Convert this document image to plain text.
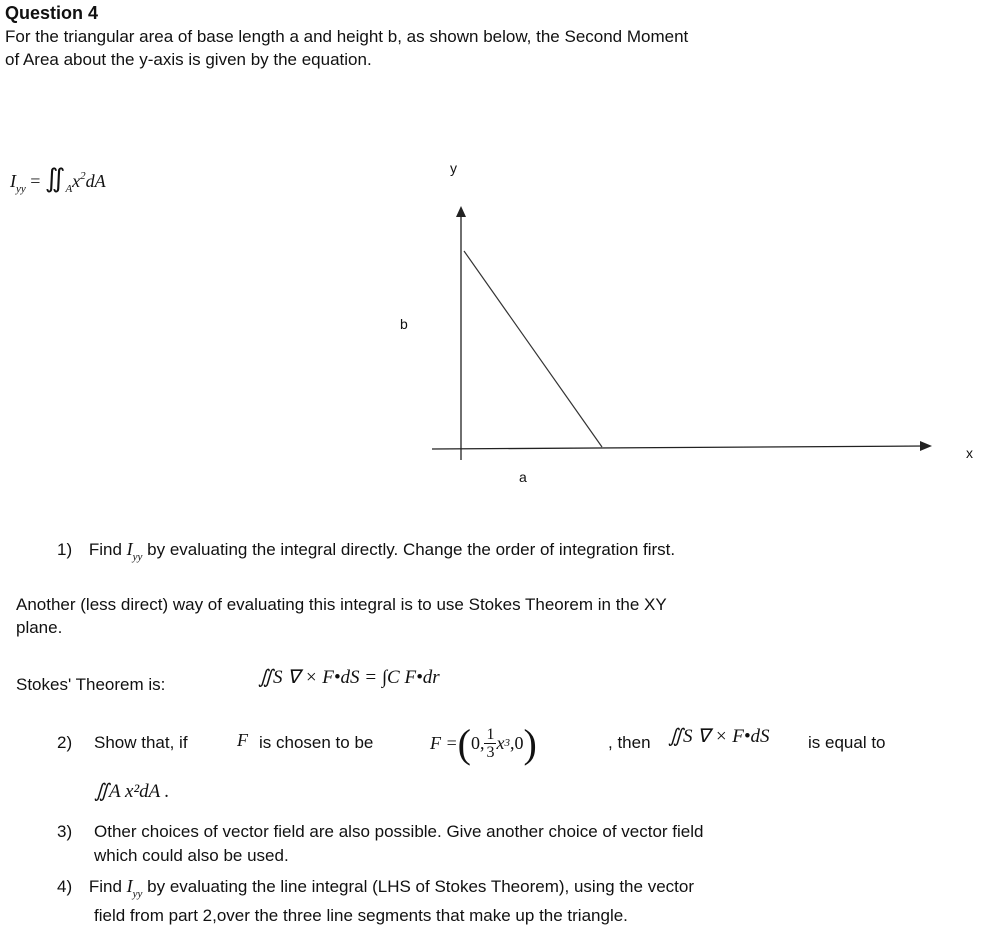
Question 4
For the triangular area of base length a and height b, as shown below, the Second Moment
of Area about the y-axis is given by the equation.
$I_{yy}$ = $∬_Ax^2dA$
y
x
b
a
1) Find $I_{yy}$ by evaluating the integral directly. Change the order of integration first.
Another (less direct) way of evaluating this integral is to use Stokes Theorem in the XY
plane.
Stokes' Theorem is:	∬S ∇ × F•dS = ∫C F•dr
2) Show that, if	F is chosen to be	F = ( 0, $\frac{1}{3}$ x 3 ,0 )	, then ∬S ∇ × F•dS is equal to
∬A x²dA .
3) Other choices of vector field are also possible. Give another choice of vector field
which could also be used.
4) Find $I_{yy}$ by evaluating the line integral (LHS of Stokes Theorem), using the vector
field from part 2,over the three line segments that make up the triangle.
